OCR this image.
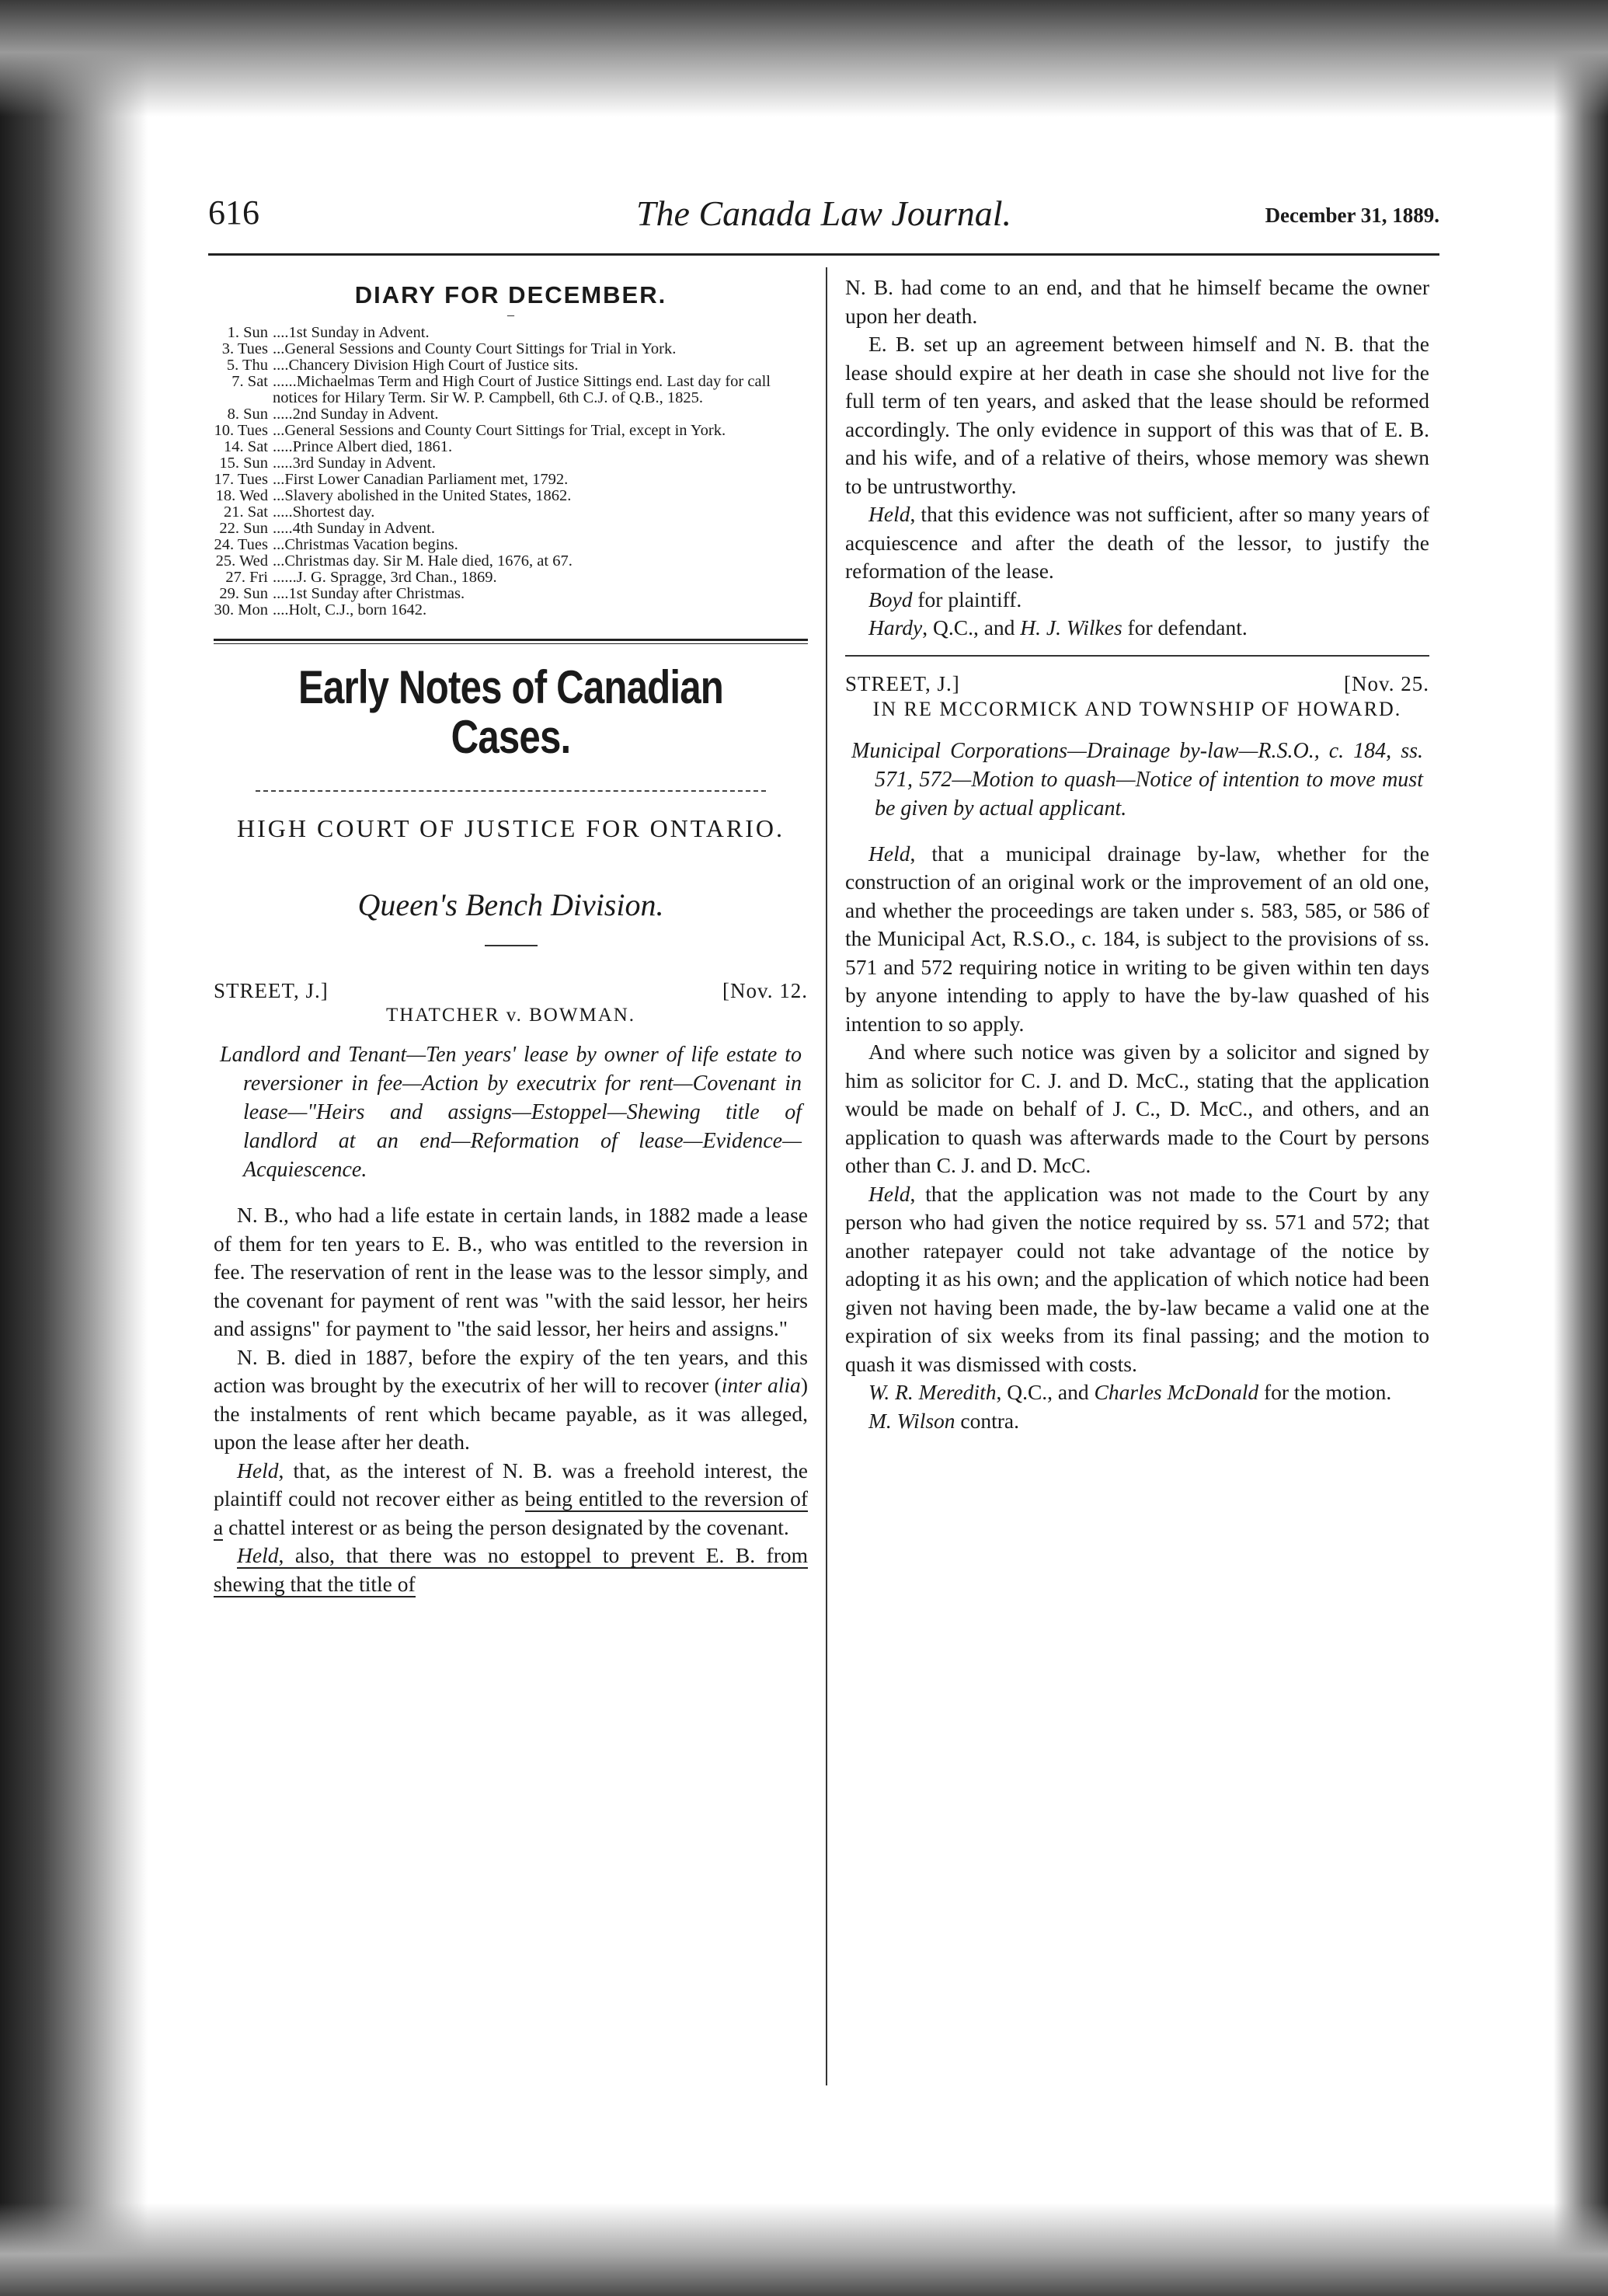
616	The Canada Law Journal.	December 31, 1889.
DIARY FOR DECEMBER.
–
1. Sun ....1st Sunday in Advent.
3. Tues ...General Sessions and County Court Sittings for Trial in York.
5. Thu ....Chancery Division High Court of Justice sits.
7. Sat ......Michaelmas Term and High Court of Justice Sittings end. Last day for call notices for Hilary Term. Sir W. P. Campbell, 6th C.J. of Q.B., 1825.
8. Sun .....2nd Sunday in Advent.
10. Tues ...General Sessions and County Court Sittings for Trial, except in York.
14. Sat .....Prince Albert died, 1861.
15. Sun .....3rd Sunday in Advent.
17. Tues ...First Lower Canadian Parliament met, 1792.
18. Wed ...Slavery abolished in the United States, 1862.
21. Sat .....Shortest day.
22. Sun .....4th Sunday in Advent.
24. Tues ...Christmas Vacation begins.
25. Wed ...Christmas day. Sir M. Hale died, 1676, at 67.
27. Fri ......J. G. Spragge, 3rd Chan., 1869.
29. Sun ....1st Sunday after Christmas.
30. Mon ....Holt, C.J., born 1642.
Early Notes of Canadian Cases.
HIGH COURT OF JUSTICE FOR ONTARIO.
Queen's Bench Division.
STREET, J.]	[Nov. 12.
THATCHER v. BOWMAN.
Landlord and Tenant—Ten years' lease by owner of life estate to reversioner in fee—Action by executrix for rent—Covenant in lease—"Heirs and assigns—Estoppel—Shewing title of landlord at an end—Reformation of lease—Evidence—Acquiescence.

N. B., who had a life estate in certain lands, in 1882 made a lease of them for ten years to E. B., who was entitled to the reversion in fee. The reservation of rent in the lease was to the lessor simply, and the covenant for payment of rent was "with the said lessor, her heirs and assigns" for payment to "the said lessor, her heirs and assigns."

N. B. died in 1887, before the expiry of the ten years, and this action was brought by the executrix of her will to recover (inter alia) the instalments of rent which became payable, as it was alleged, upon the lease after her death.

Held, that, as the interest of N. B. was a freehold interest, the plaintiff could not recover either as being entitled to the reversion of a chattel interest or as being the person designated by the covenant.

Held, also, that there was no estoppel to prevent E. B. from shewing that the title of

N. B. had come to an end, and that he himself became the owner upon her death.

E. B. set up an agreement between himself and N. B. that the lease should expire at her death in case she should not live for the full term of ten years, and asked that the lease should be reformed accordingly. The only evidence in support of this was that of E. B. and his wife, and of a relative of theirs, whose memory was shewn to be untrustworthy.

Held, that this evidence was not sufficient, after so many years of acquiescence and after the death of the lessor, to justify the reformation of the lease.

Boyd for plaintiff.

Hardy, Q.C., and H. J. Wilkes for defendant.

STREET, J.]	[Nov. 25.
IN RE MCCORMICK AND TOWNSHIP OF HOWARD.
Municipal Corporations—Drainage by-law—R.S.O., c. 184, ss. 571, 572—Motion to quash—Notice of intention to move must be given by actual applicant.

Held, that a municipal drainage by-law, whether for the construction of an original work or the improvement of an old one, and whether the proceedings are taken under s. 583, 585, or 586 of the Municipal Act, R.S.O., c. 184, is subject to the provisions of ss. 571 and 572 requiring notice in writing to be given within ten days by anyone intending to apply to have the by-law quashed of his intention to so apply.

And where such notice was given by a solicitor and signed by him as solicitor for C. J. and D. McC., stating that the application would be made on behalf of J. C., D. McC., and others, and an application to quash was afterwards made to the Court by persons other than C. J. and D. McC.

Held, that the application was not made to the Court by any person who had given the notice required by ss. 571 and 572; that another ratepayer could not take advantage of the notice by adopting it as his own; and the application of which notice had been given not having been made, the by-law became a valid one at the expiration of six weeks from its final passing; and the motion to quash it was dismissed with costs.

W. R. Meredith, Q.C., and Charles McDonald for the motion.

M. Wilson contra.
